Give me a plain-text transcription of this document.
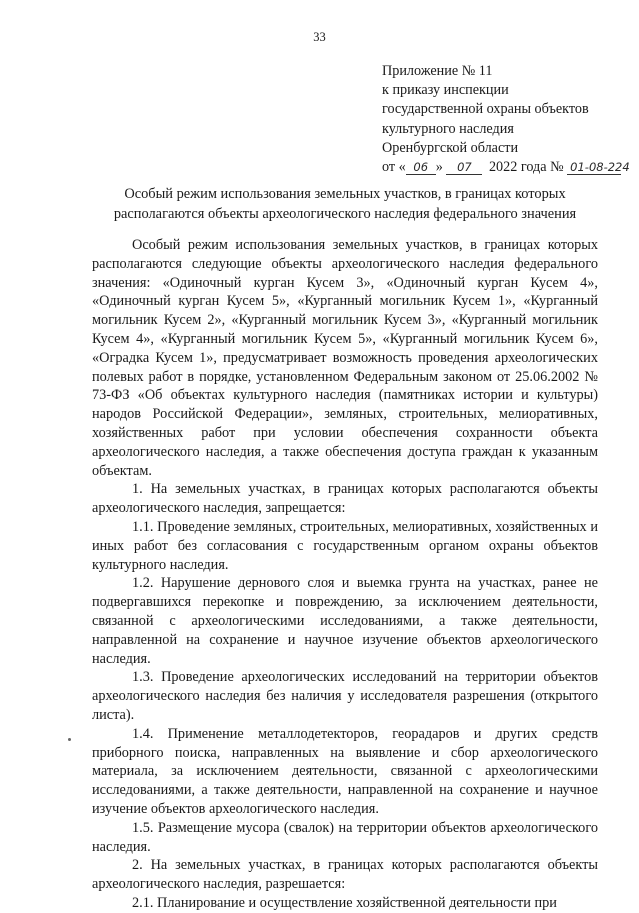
33
Приложение № 11
к приказу инспекции
государственной охраны объектов
культурного наследия
Оренбургской области
от « 06 » 07 2022 года № 01-08-224
Особый режим использования земельных участков, в границах которых располагаются объекты археологического наследия федерального значения

Особый режим использования земельных участков, в границах которых располагаются следующие объекты археологического наследия федерального значения: «Одиночный курган Кусем 3», «Одиночный курган Кусем 4», «Одиночный курган Кусем 5», «Курганный могильник Кусем 1», «Курганный могильник Кусем 2», «Курганный могильник Кусем 3», «Курганный могильник Кусем 4», «Курганный могильник Кусем 5», «Курганный могильник Кусем 6», «Оградка Кусем 1», предусматривает возможность проведения археологических полевых работ в порядке, установленном Федеральным законом от 25.06.2002 № 73-ФЗ «Об объектах культурного наследия (памятниках истории и культуры) народов Российской Федерации», земляных, строительных, мелиоративных, хозяйственных работ при условии обеспечения сохранности объекта археологического наследия, а также обеспечения доступа граждан к указанным объектам.

1. На земельных участках, в границах которых располагаются объекты археологического наследия, запрещается:

1.1. Проведение земляных, строительных, мелиоративных, хозяйственных и иных работ без согласования с государственным органом охраны объектов культурного наследия.

1.2. Нарушение дернового слоя и выемка грунта на участках, ранее не подвергавшихся перекопке и повреждению, за исключением деятельности, связанной с археологическими исследованиями, а также деятельности, направленной на сохранение и научное изучение объектов археологического наследия.

1.3. Проведение археологических исследований на территории объектов археологического наследия без наличия у исследователя разрешения (открытого листа).

1.4. Применение металлодетекторов, георадаров и других средств приборного поиска, направленных на выявление и сбор археологического материала, за исключением деятельности, связанной с археологическими исследованиями, а также деятельности, направленной на сохранение и научное изучение объектов археологического наследия.

1.5. Размещение мусора (свалок) на территории объектов археологического наследия.

2. На земельных участках, в границах которых располагаются объекты археологического наследия, разрешается:

2.1. Планирование и осуществление хозяйственной деятельности при
